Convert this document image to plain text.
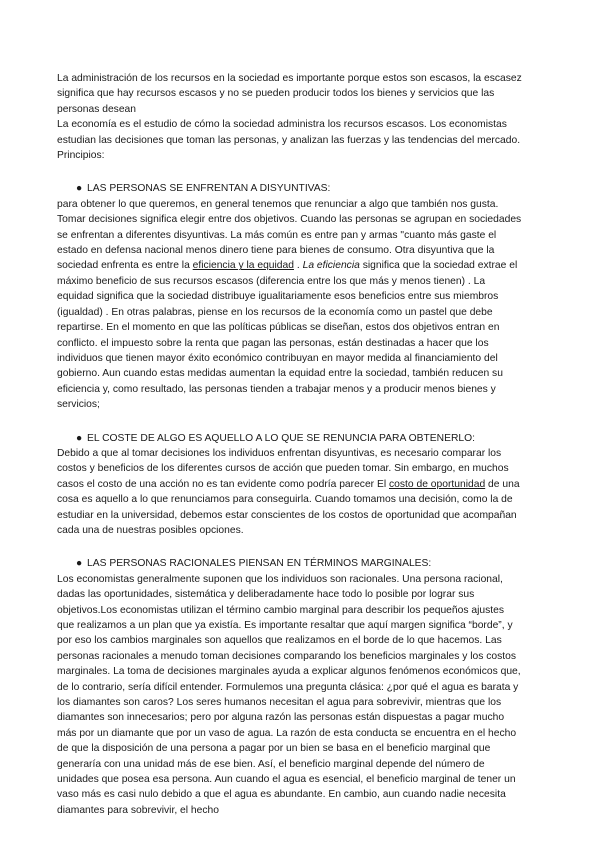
La administración de los recursos en la sociedad es importante porque estos son escasos, la escasez significa que hay recursos escasos y no se pueden producir todos los bienes y servicios que las personas desean

La economía es el estudio de cómo la sociedad administra los recursos escasos. Los economistas estudian las decisiones que toman las personas, y analizan las fuerzas y las tendencias del mercado. Principios:

● LAS PERSONAS SE ENFRENTAN A DISYUNTIVAS:

para obtener lo que queremos, en general tenemos que renunciar a algo que también nos gusta. Tomar decisiones significa elegir entre dos objetivos. Cuando las personas se agrupan en sociedades se enfrentan a diferentes disyuntivas. La más común es entre pan y armas "cuanto más gaste el estado en defensa nacional menos dinero tiene para bienes de consumo. Otra disyuntiva que la sociedad enfrenta es entre la eficiencia y la equidad . La eficiencia significa que la sociedad extrae el máximo beneficio de sus recursos escasos (diferencia entre los que más y menos tienen) . La equidad significa que la sociedad distribuye igualitariamente esos beneficios entre sus miembros (igualdad) . En otras palabras, piense en los recursos de la economía como un pastel que debe repartirse. En el momento en que las políticas públicas se diseñan, estos dos objetivos entran en conflicto. el impuesto sobre la renta que pagan las personas, están destinadas a hacer que los individuos que tienen mayor éxito económico contribuyan en mayor medida al financiamiento del gobierno. Aun cuando estas medidas aumentan la equidad entre la sociedad, también reducen su eficiencia y, como resultado, las personas tienden a trabajar menos y a producir menos bienes y servicios;

● EL COSTE DE ALGO ES AQUELLO A LO QUE SE RENUNCIA PARA OBTENERLO:

Debido a que al tomar decisiones los individuos enfrentan disyuntivas, es necesario comparar los costos y beneficios de los diferentes cursos de acción que pueden tomar. Sin embargo, en muchos casos el costo de una acción no es tan evidente como podría parecer El costo de oportunidad de una cosa es aquello a lo que renunciamos para conseguirla. Cuando tomamos una decisión, como la de estudiar en la universidad, debemos estar conscientes de los costos de oportunidad que acompañan cada una de nuestras posibles opciones.

● LAS PERSONAS RACIONALES PIENSAN EN TÉRMINOS MARGINALES:

Los economistas generalmente suponen que los individuos son racionales. Una persona racional, dadas las oportunidades, sistemática y deliberadamente hace todo lo posible por lograr sus objetivos.Los economistas utilizan el término cambio marginal para describir los pequeños ajustes que realizamos a un plan que ya existía. Es importante resaltar que aquí margen significa “borde”, y por eso los cambios marginales son aquellos que realizamos en el borde de lo que hacemos. Las personas racionales a menudo toman decisiones comparando los beneficios marginales y los costos marginales. La toma de decisiones marginales ayuda a explicar algunos fenómenos económicos que, de lo contrario, sería difícil entender. Formulemos una pregunta clásica: ¿por qué el agua es barata y los diamantes son caros? Los seres humanos necesitan el agua para sobrevivir, mientras que los diamantes son innecesarios; pero por alguna razón las personas están dispuestas a pagar mucho más por un diamante que por un vaso de agua. La razón de esta conducta se encuentra en el hecho de que la disposición de una persona a pagar por un bien se basa en el beneficio marginal que generaría con una unidad más de ese bien. Así, el beneficio marginal depende del número de unidades que posea esa persona. Aun cuando el agua es esencial, el beneficio marginal de tener un vaso más es casi nulo debido a que el agua es abundante. En cambio, aun cuando nadie necesita diamantes para sobrevivir, el hecho
